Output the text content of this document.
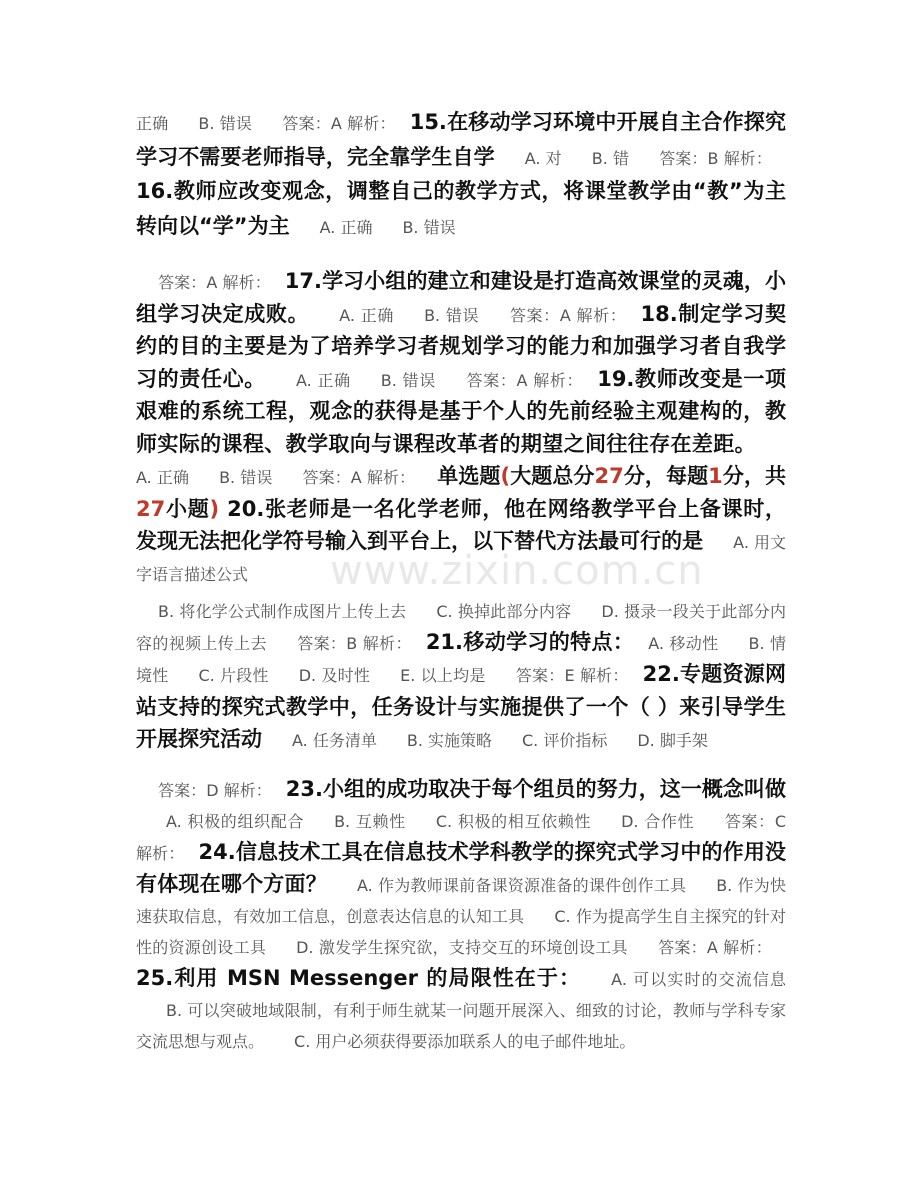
正确 B. 错误 答案：A 解析： 15.在移动学习环境中开展自主合作探究学习不需要老师指导，完全靠学生自学 A. 对 B. 错 答案：B 解析：16.教师应改变观念，调整自己的教学方式，将课堂教学由“教”为主转向以“学”为主 A. 正确 B. 错误

答案：A 解析： 17.学习小组的建立和建设是打造高效课堂的灵魂，小组学习决定成败。 A. 正确 B. 错误 答案：A 解析： 18.制定学习契约的目的主要是为了培养学习者规划学习的能力和加强学习者自我学习的责任心。 A. 正确 B. 错误 答案：A 解析： 19.教师改变是一项艰难的系统工程，观念的获得是基于个人的先前经验主观建构的，教师实际的课程、教学取向与课程改革者的期望之间往往存在差距。A. 正确 B. 错误 答案：A 解析： 单选题(大题总分27分，每题1分，共27小题) 20.张老师是一名化学老师，他在网络教学平台上备课时，发现无法把化学符号输入到平台上，以下替代方法最可行的是 A. 用文字语言描述公式

B. 将化学公式制作成图片上传上去 C. 换掉此部分内容 D. 摄录一段关于此部分内容的视频上传上去 答案：B 解析： 21.移动学习的特点： A. 移动性 B. 情境性 C. 片段性 D. 及时性 E. 以上均是 答案：E 解析： 22.专题资源网站支持的探究式教学中，任务设计与实施提供了一个（ ）来引导学生开展探究活动 A. 任务清单 B. 实施策略 C. 评价指标 D. 脚手架

答案：D 解析： 23.小组的成功取决于每个组员的努力，这一概念叫做A. 积极的组织配合 B. 互赖性 C. 积极的相互依赖性 D. 合作性 答案：C 解析： 24.信息技术工具在信息技术学科教学的探究式学习中的作用没有体现在哪个方面？ A. 作为教师课前备课资源准备的课件创作工具 B. 作为快速获取信息，有效加工信息，创意表达信息的认知工具 C. 作为提高学生自主探究的针对性的资源创设工具 D. 激发学生探究欲，支持交互的环境创设工具 答案：A 解析：25.利用 MSN Messenger 的局限性在于： A. 可以实时的交流信息B. 可以突破地域限制，有利于师生就某一问题开展深入、细致的讨论，教师与学科专家交流思想与观点。 C. 用户必须获得要添加联系人的电子邮件地址。

www.zixin.com.cn
